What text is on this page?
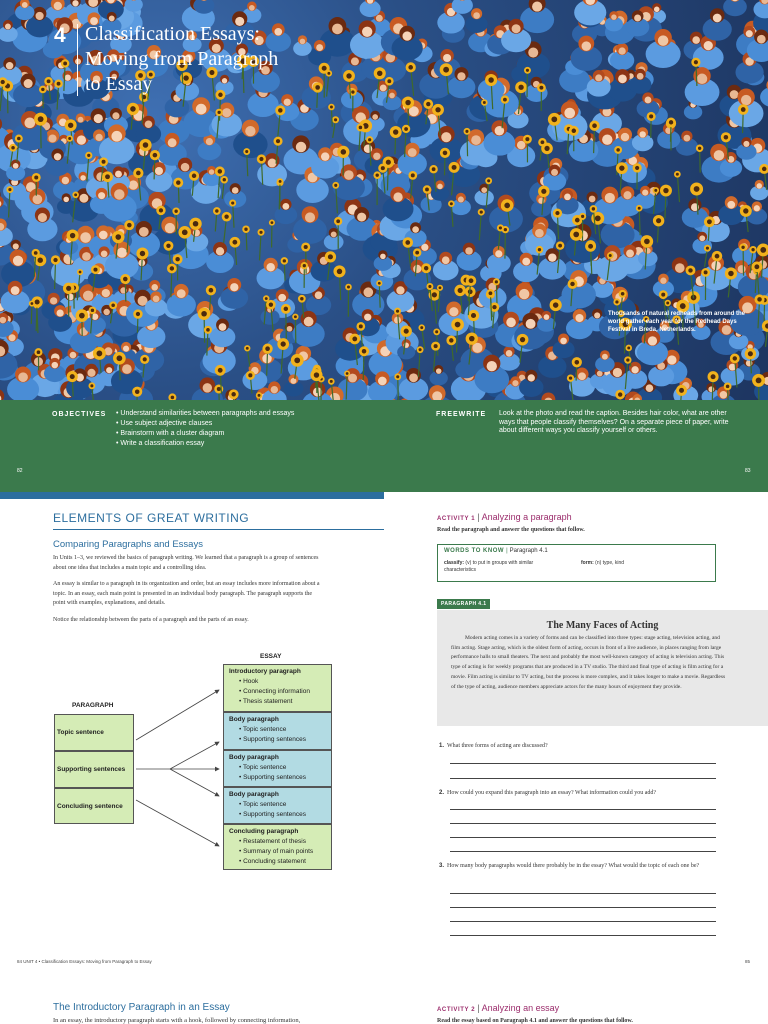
4 Classification Essays:
Moving from Paragraph
to Essay
Thousands of natural redheads from around the world gather each year for the Redhead Days Festival in Breda, Netherlands.
OBJECTIVES
•	Understand similarities between paragraphs and essays
• Use subject adjective clauses
• Brainstorm with a cluster diagram
• Write a classification essay
FREEWRITE Look at the photo and read the caption. Besides hair color, what are other ways that people classify themselves? On a separate piece of paper, write about different ways you classify yourself or others.
82	83
ELEMENTS OF GREAT WRITING
Comparing Paragraphs and Essays
In Units 1–3, we reviewed the basics of paragraph writing. We learned that a paragraph is a group of sentences about one idea that includes a main topic and a controlling idea.
An essay is similar to a paragraph in its organization and order, but an essay includes more information about a topic. In an essay, each main point is presented in an individual body paragraph. The paragraph supports the point with examples, explanations, and details.
Notice the relationship between the parts of a paragraph and the parts of an essay.
ESSAY
PARAGRAPH
Topic sentence
Supporting sentences
Concluding sentence
Introductory paragraph
• Hook
• Connecting information
• Thesis statement
Body paragraph
• Topic sentence
• Supporting sentences
Body paragraph
• Topic sentence
• Supporting sentences
Body paragraph
• Topic sentence
• Supporting sentences
Concluding paragraph
• Restatement of thesis
• Summary of main points
• Concluding statement
84 UNIT 4 • Classification Essays: Moving from Paragraph to Essay	85
The Introductory Paragraph in an Essay
In an essay, the introductory paragraph starts with a hook, followed by connecting information,
ACTIVITY 1 | Analyzing a paragraph
Read the paragraph and answer the questions that follow.
WORDS TO KNOW | Paragraph 4.1
classify: (v) to put in groups with similar characteristics
form: (n) type, kind
PARAGRAPH 4.1
The Many Faces of Acting
Modern acting comes in a variety of forms and can be classified into three types: stage acting, television acting, and film acting. Stage acting, which is the oldest form of acting, occurs in front of a live audience, in places ranging from large performance halls to small theaters. The next and probably the most well-known category of acting is television acting. This type of acting is for weekly programs that are produced in a TV studio. The third and final type of acting is film acting for a movie. Film acting is similar to TV acting, but the process is more complex, and it takes longer to make a movie. Regardless of the type of acting, audience members appreciate actors for the many hours of enjoyment they provide.
1. What three forms of acting are discussed?
2. How could you expand this paragraph into an essay? What information could you add?
3. How many body paragraphs would there probably be in the essay? What would the topic of each one be?
ACTIVITY 2 | Analyzing an essay
Read the essay based on Paragraph 4.1 and answer the questions that follow.
